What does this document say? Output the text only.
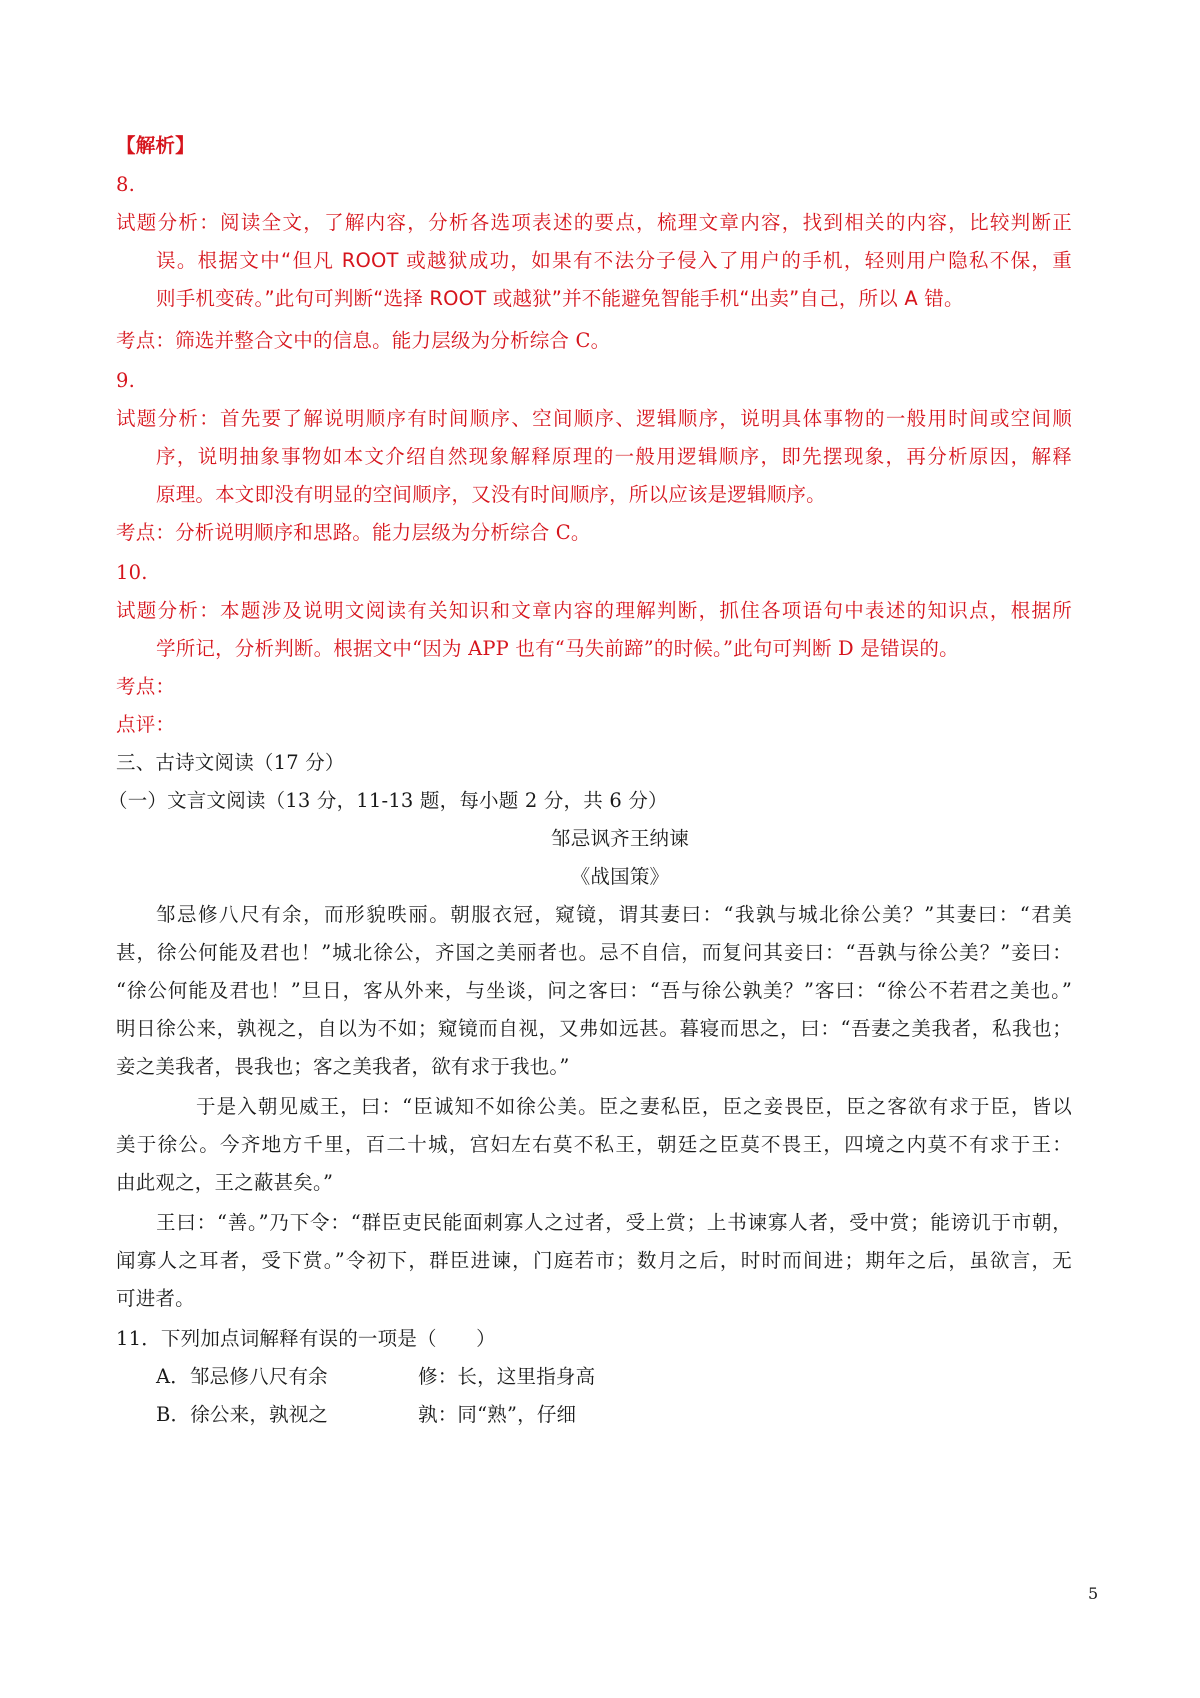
【解析】
8.
试题分析：阅读全文，了解内容，分析各选项表述的要点，梳理文章内容，找到相关的内容，比较判断正
误。根据文中“但凡 ROOT 或越狱成功，如果有不法分子侵入了用户的手机，轻则用户隐私不保，重
则手机变砖。”此句可判断“选择 ROOT 或越狱”并不能避免智能手机“出卖”自己，所以 A 错。
考点：筛选并整合文中的信息。能力层级为分析综合 C。
9.
试题分析：首先要了解说明顺序有时间顺序、空间顺序、逻辑顺序，说明具体事物的一般用时间或空间顺
序，说明抽象事物如本文介绍自然现象解释原理的一般用逻辑顺序，即先摆现象，再分析原因，解释
原理。本文即没有明显的空间顺序，又没有时间顺序，所以应该是逻辑顺序。
考点：分析说明顺序和思路。能力层级为分析综合 C。
10.
试题分析：本题涉及说明文阅读有关知识和文章内容的理解判断，抓住各项语句中表述的知识点，根据所
学所记，分析判断。根据文中“因为 APP 也有“马失前蹄”的时候。”此句可判断 D 是错误的。
考点：
点评：
三、古诗文阅读（17 分）
（一）文言文阅读（13 分，11-13 题，每小题 2 分，共 6 分）
邹忌讽齐王纳谏
《战国策》
邹忌修八尺有余，而形貌昳丽。朝服衣冠，窥镜，谓其妻曰：“我孰与城北徐公美？”其妻曰：“君美
甚，徐公何能及君也！”城北徐公，齐国之美丽者也。忌不自信，而复问其妾曰：“吾孰与徐公美？”妾曰：
“徐公何能及君也！”旦日，客从外来，与坐谈，问之客曰：“吾与徐公孰美？”客曰：“徐公不若君之美也。”
明日徐公来，孰视之，自以为不如；窥镜而自视，又弗如远甚。暮寝而思之，曰：“吾妻之美我者，私我也；
妾之美我者，畏我也；客之美我者，欲有求于我也。”
于是入朝见威王，曰：“臣诚知不如徐公美。臣之妻私臣，臣之妾畏臣，臣之客欲有求于臣，皆以
美于徐公。今齐地方千里，百二十城，宫妇左右莫不私王，朝廷之臣莫不畏王，四境之内莫不有求于王：
由此观之，王之蔽甚矣。”
王曰：“善。”乃下令：“群臣吏民能面刺寡人之过者，受上赏；上书谏寡人者，受中赏；能谤讥于市朝，
闻寡人之耳者，受下赏。”令初下，群臣进谏，门庭若市；数月之后，时时而间进；期年之后，虽欲言，无
可进者。
11．下列加点词解释有误的一项是（　　）
A．邹忌修八尺有余	修：长，这里指身高
B．徐公来，孰视之	孰：同“熟”，仔细
5
